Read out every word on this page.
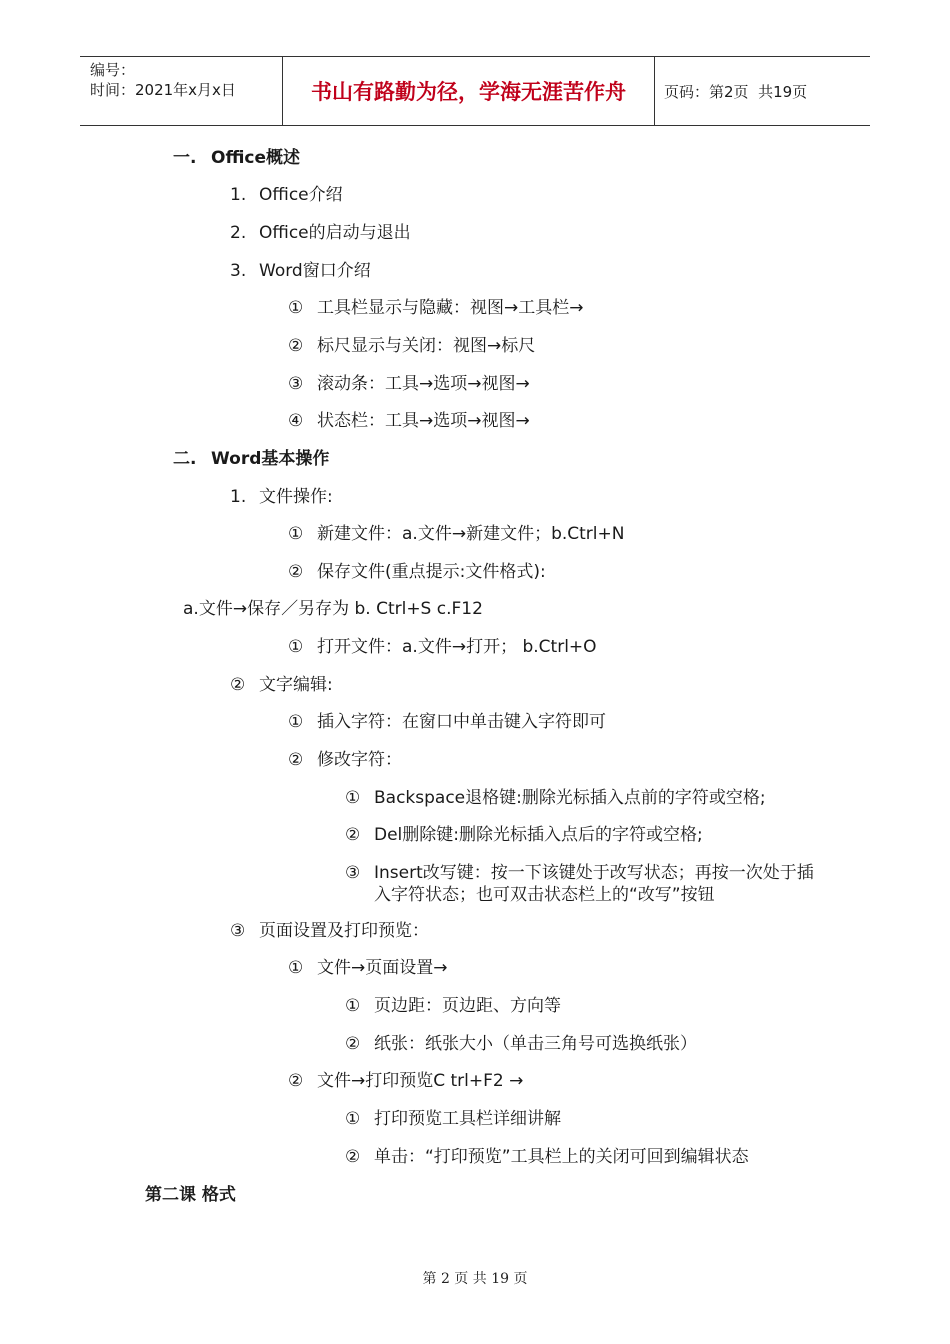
编号：
时间：2021年x月x日	书山有路勤为径，学海无涯苦作舟	页码：第2页  共19页
一. Office概述
1. Office介绍
2. Office的启动与退出
3. Word窗口介绍
① 工具栏显示与隐藏：视图→工具栏→
② 标尺显示与关闭：视图→标尺
③ 滚动条：工具→选项→视图→
④ 状态栏：工具→选项→视图→
二. Word基本操作
1. 文件操作:
① 新建文件：a.文件→新建文件；b.Ctrl+N
② 保存文件(重点提示:文件格式):
a.文件→保存／另存为 b. Ctrl+S c.F12
① 打开文件：a.文件→打开； b.Ctrl+O
② 文字编辑:
① 插入字符：在窗口中单击键入字符即可
② 修改字符：
① Backspace退格键:删除光标插入点前的字符或空格;
② Del删除键:删除光标插入点后的字符或空格;
③ Insert改写键：按一下该键处于改写状态；再按一次处于插入字符状态；也可双击状态栏上的“改写”按钮
③ 页面设置及打印预览：
① 文件→页面设置→
① 页边距：页边距、方向等
② 纸张：纸张大小（单击三角号可选换纸张）
② 文件→打印预览C trl+F2 →
① 打印预览工具栏详细讲解
② 单击：“打印预览”工具栏上的关闭可回到编辑状态
第二课 格式
第 2 页 共 19 页
